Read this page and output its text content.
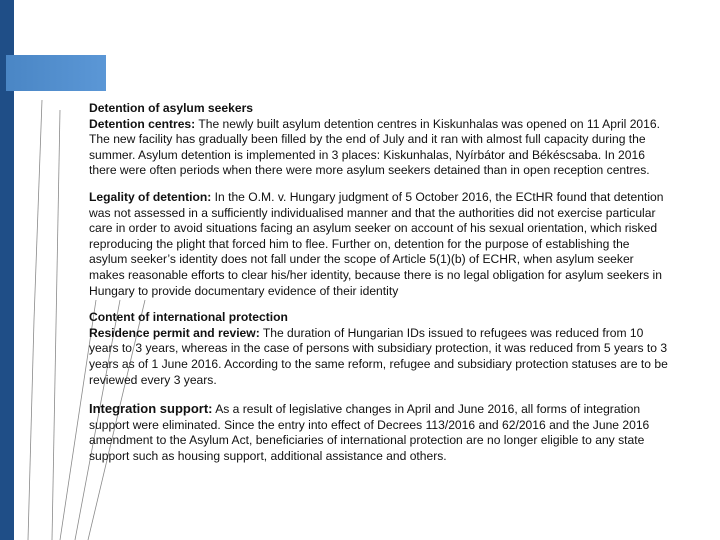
Detention of asylum seekers
Detention centres: The newly built asylum detention centres in Kiskunhalas was opened on 11 April 2016. The new facility has gradually been filled by the end of July and it ran with almost full capacity during the summer. Asylum detention is implemented in 3 places: Kiskunhalas, Nyírbátor and Békéscsaba. In 2016 there were often periods when there were more asylum seekers detained than in open reception centres.
Legality of detention: In the O.M. v. Hungary judgment of 5 October 2016, the ECtHR found that detention was not assessed in a sufficiently individualised manner and that the authorities did not exercise particular care in order to avoid situations facing an asylum seeker on account of his sexual orientation, which risked reproducing the plight that forced him to flee. Further on, detention for the purpose of establishing the asylum seeker’s identity does not fall under the scope of Article 5(1)(b) of ECHR, when asylum seeker makes reasonable efforts to clear his/her identity, because there is no legal obligation for asylum seekers in Hungary to provide documentary evidence of their identity
Content of international protection
Residence permit and review: The duration of Hungarian IDs issued to refugees was reduced from 10 years to 3 years, whereas in the case of persons with subsidiary protection, it was reduced from 5 years to 3 years as of 1 June 2016. According to the same reform, refugee and subsidiary protection statuses are to be reviewed every 3 years.
Integration support: As a result of legislative changes in April and June 2016, all forms of integration support were eliminated. Since the entry into effect of Decrees 113/2016 and 62/2016 and the June 2016 amendment to the Asylum Act, beneficiaries of international protection are no longer eligible to any state support such as housing support, additional assistance and others.
